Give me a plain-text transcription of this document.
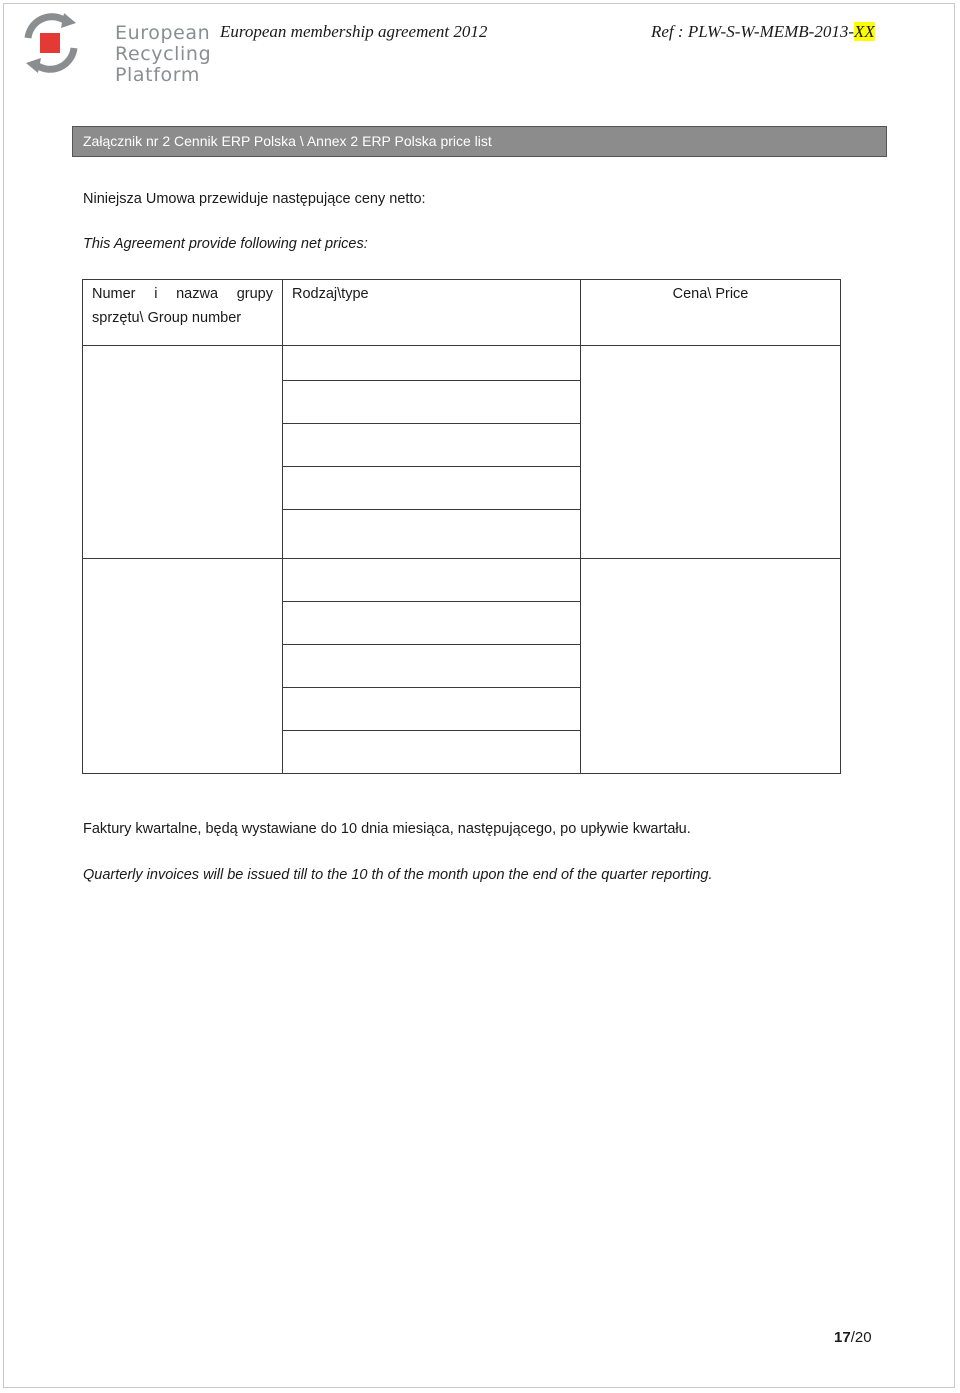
European
Recycling
Platform
European membership agreement 2012	Ref : PLW-S-W-MEMB-2013-XX
Załącznik nr 2 Cennik ERP Polska \ Annex 2 ERP Polska price list
Niniejsza Umowa przewiduje następujące ceny netto:
This Agreement provide following net prices:
Numer i nazwa grupy sprzętu\ Group number	Rodzaj\type	Cena\ Price

Faktury kwartalne, będą wystawiane do 10 dnia miesiąca, następującego, po upływie kwartału.
Quarterly invoices will be issued till to the 10 th of the month upon the end of the quarter reporting.
17/20
